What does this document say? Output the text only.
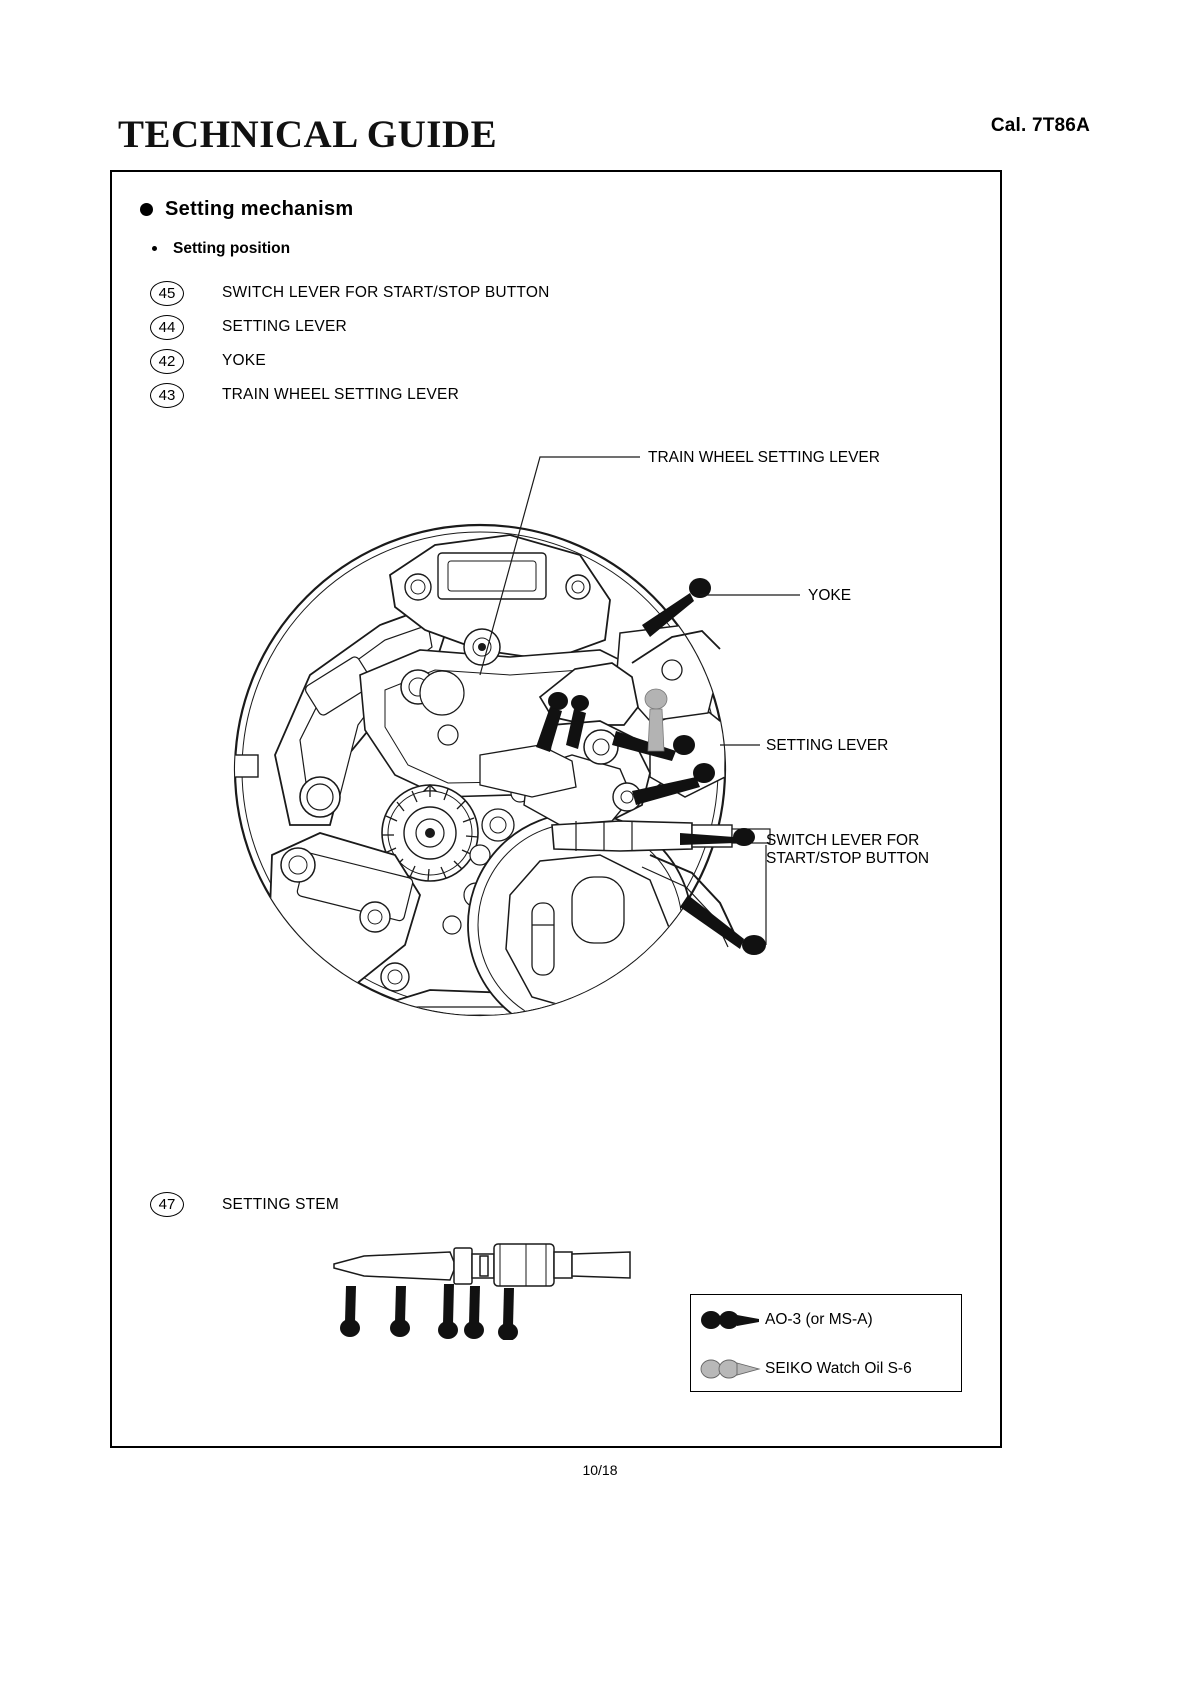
TECHNICAL GUIDE	Cal. 7T86A
Setting mechanism
Setting position
45	SWITCH LEVER FOR START/STOP BUTTON
44	SETTING LEVER
42	YOKE
43	TRAIN WHEEL SETTING LEVER
TRAIN WHEEL SETTING LEVER
YOKE
SETTING LEVER
SWITCH LEVER FOR
START/STOP BUTTON
47	SETTING STEM
AO-3 (or MS-A)
SEIKO Watch Oil S-6
10/18
